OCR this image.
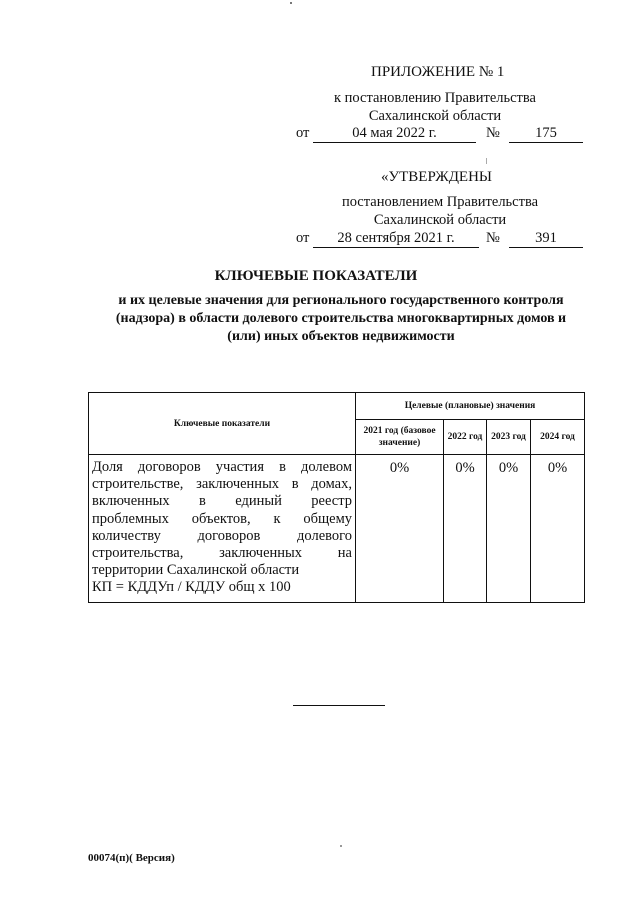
ПРИЛОЖЕНИЕ № 1
к постановлению Правительства
Сахалинской области
от	04 мая 2022 г.	№	175
«УТВЕРЖДЕНЫ
постановлением Правительства
Сахалинской области
от	28 сентября 2021 г.	№	391
КЛЮЧЕВЫЕ ПОКАЗАТЕЛИ
и их целевые значения для регионального государственного контроля
(надзора) в области долевого строительства многоквартирных домов и
(или) иных объектов недвижимости
Ключевые показатели	Целевые (плановые) значения			
	2021 год (базовое значение)	2022 год	2023 год	2024 год

Доля договоров участия в долевом строительстве, заключенных в домах, включенных в единый реестр проблемных объектов, к общему количеству договоров долевого строительства, заключенных на территории Сахалинской области
КП = КДДУп / КДДУ общ х 100	0%	0%	0%	0%
00074(п)( Версия)
